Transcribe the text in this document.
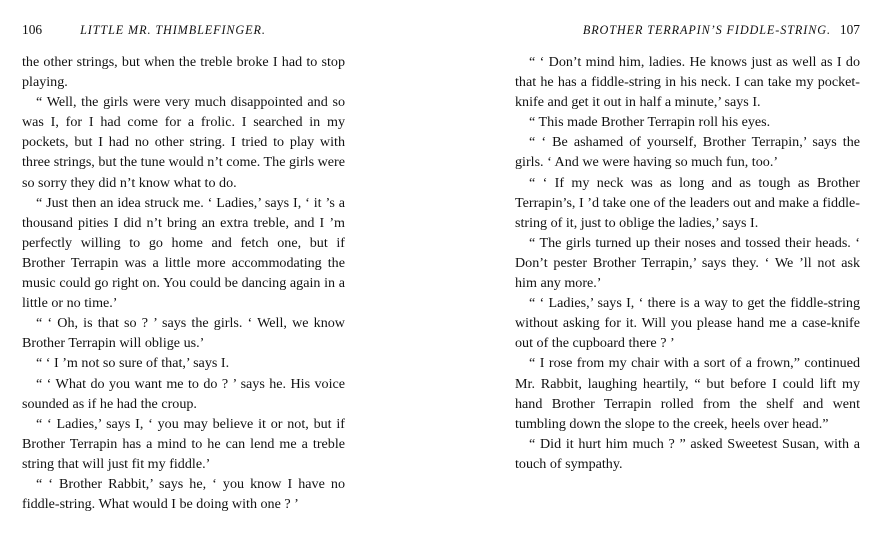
106	LITTLE MR. THIMBLEFINGER.

the other strings, but when the treble broke I had to stop playing.

“ Well, the girls were very much disappointed and so was I, for I had come for a frolic. I searched in my pockets, but I had no other string. I tried to play with three strings, but the tune would n’t come. The girls were so sorry they did n’t know what to do.

“ Just then an idea struck me. ‘ Ladies,’ says I, ‘ it ’s a thousand pities I did n’t bring an extra treble, and I ’m perfectly willing to go home and fetch one, but if Brother Terrapin was a little more accommodating the music could go right on. You could be dancing again in a little or no time.’

“ ‘ Oh, is that so ? ’ says the girls. ‘ Well, we know Brother Terrapin will oblige us.’

“ ‘ I ’m not so sure of that,’ says I.

“ ‘ What do you want me to do ? ’ says he. His voice sounded as if he had the croup.

“ ‘ Ladies,’ says I, ‘ you may believe it or not, but if Brother Terrapin has a mind to he can lend me a treble string that will just fit my fiddle.’

“ ‘ Brother Rabbit,’ says he, ‘ you know I have no fiddle-string. What would I be doing with one ? ’

BROTHER TERRAPIN’S FIDDLE-STRING. 107

“ ‘ Don’t mind him, ladies. He knows just as well as I do that he has a fiddle-string in his neck. I can take my pocket-knife and get it out in half a minute,’ says I.

“ This made Brother Terrapin roll his eyes.

“ ‘ Be ashamed of yourself, Brother Terrapin,’ says the girls. ‘ And we were having so much fun, too.’

“ ‘ If my neck was as long and as tough as Brother Terrapin’s, I ’d take one of the leaders out and make a fiddle-string of it, just to oblige the ladies,’ says I.

“ The girls turned up their noses and tossed their heads. ‘ Don’t pester Brother Terrapin,’ says they. ‘ We ’ll not ask him any more.’

“ ‘ Ladies,’ says I, ‘ there is a way to get the fiddle-string without asking for it. Will you please hand me a case-knife out of the cupboard there ? ’

“ I rose from my chair with a sort of a frown,” continued Mr. Rabbit, laughing heartily, “ but before I could lift my hand Brother Terrapin rolled from the shelf and went tumbling down the slope to the creek, heels over head.”

“ Did it hurt him much ? ” asked Sweetest Susan, with a touch of sympathy.
